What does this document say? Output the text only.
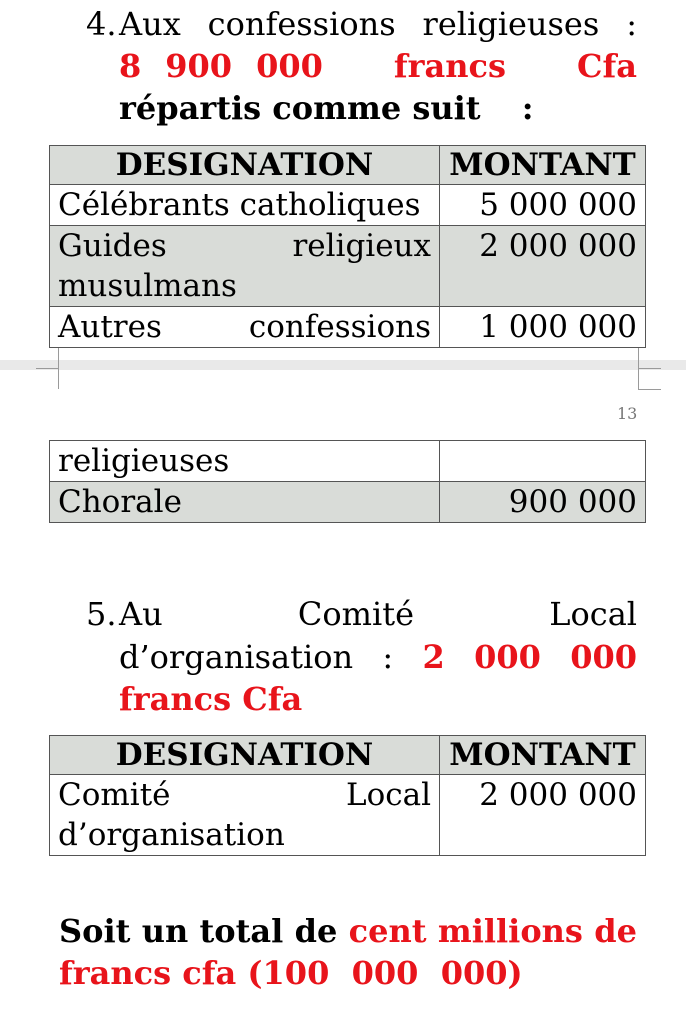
4. Aux confessions religieuses :
8 900 000 francs Cfa
répartis comme suit :
DESIGNATION	MONTANT
Célébrants catholiques	5 000 000

Guides religieux
musulmans	2 000 000

Autres confessions	1 000 000
13
religieuses	
Chorale	900 000
5. Au	Comité	Local
d’organisation : 2 000 000
francs Cfa
DESIGNATION	MONTANT

Comité Local
d’organisation	2 000 000
Soit un total de cent millions de
francs cfa (100  000  000)
